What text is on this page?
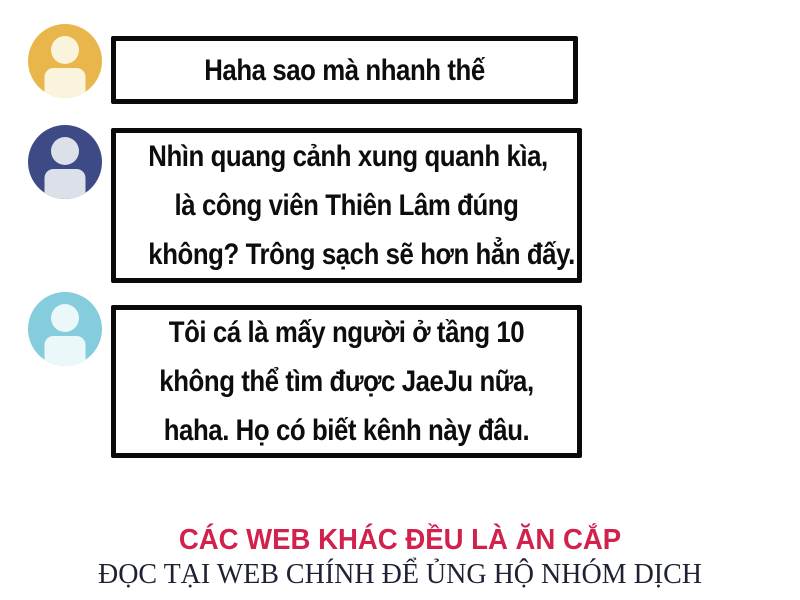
Haha sao mà nhanh thế
Nhìn quang cảnh xung quanh kìa,
là công viên Thiên Lâm đúng
không? Trông sạch sẽ hơn hẳn đấy.
Tôi cá là mấy người ở tầng 10
không thể tìm được JaeJu nữa,
haha. Họ có biết kênh này đâu.
CÁC WEB KHÁC ĐỀU LÀ ĂN CẮP
ĐỌC TẠI WEB CHÍNH ĐỂ ỦNG HỘ NHÓM DỊCH
